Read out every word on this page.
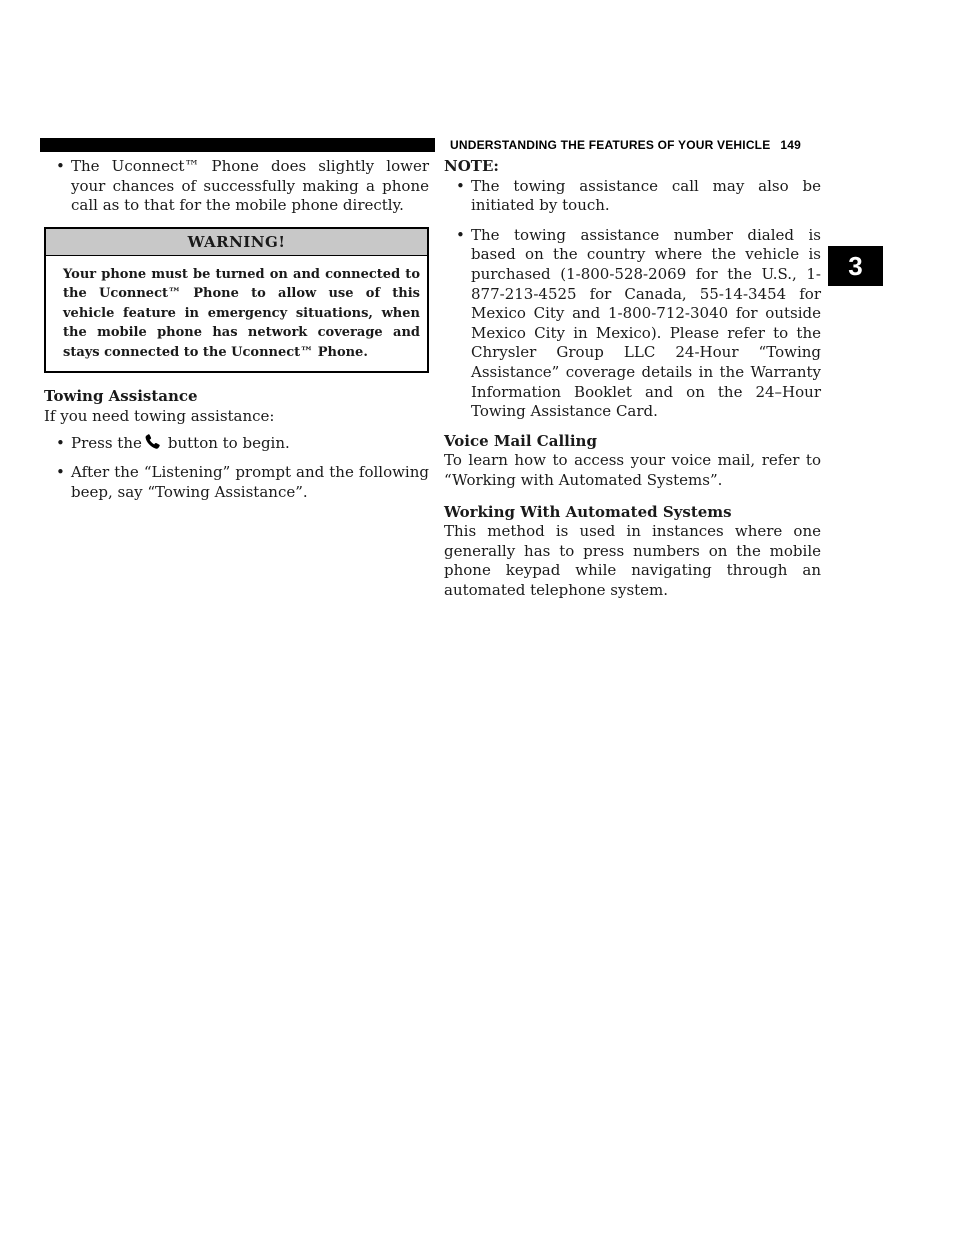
UNDERSTANDING THE FEATURES OF YOUR VEHICLE 149
3
• The Uconnect™ Phone does slightly lower your chances of successfully making a phone call as to that for the mobile phone directly.
WARNING!
Your phone must be turned on and connected to the Uconnect™ Phone to allow use of this vehicle feature in emergency situations, when the mobile phone has network coverage and stays connected to the Uconnect™ Phone.

Towing Assistance

If you need towing assistance:

• Press the button to begin.
• After the “Listening” prompt and the following beep, say “Towing Assistance”.

NOTE:

• The towing assistance call may also be initiated by touch.
• The towing assistance number dialed is based on the country where the vehicle is purchased (1-800-528-2069 for the U.S., 1-877-213-4525 for Canada, 55-14-3454 for Mexico City and 1-800-712-3040 for outside Mexico City in Mexico). Please refer to the Chrysler Group LLC 24-Hour “Towing Assistance” coverage details in the Warranty Information Booklet and on the 24–Hour Towing Assistance Card.

Voice Mail Calling

To learn how to access your voice mail, refer to “Working with Automated Systems”.

Working With Automated Systems

This method is used in instances where one generally has to press numbers on the mobile phone keypad while navigating through an automated telephone system.
